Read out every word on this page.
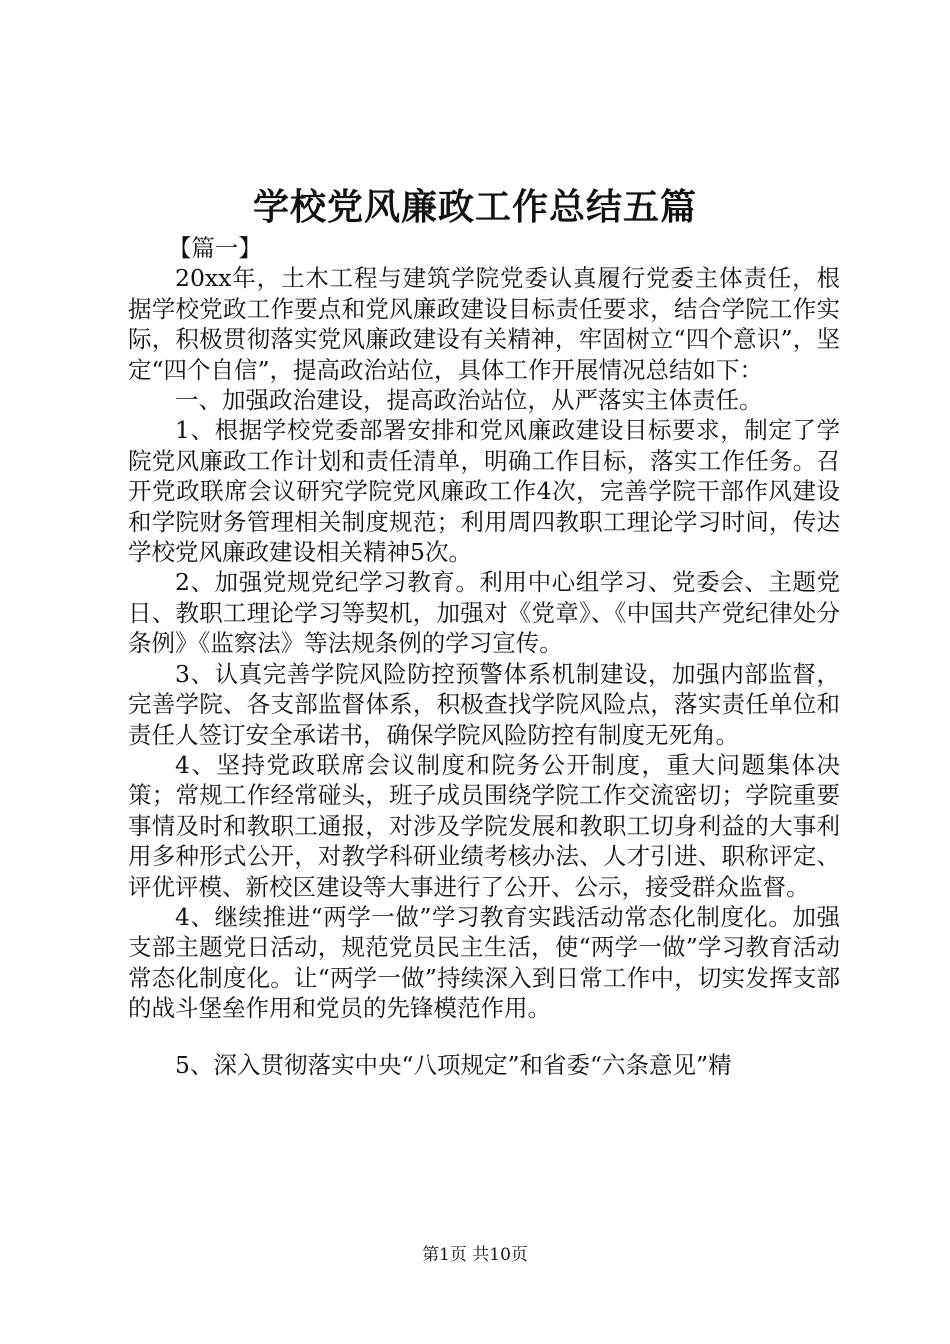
学校党风廉政工作总结五篇

【篇一】

20xx年，土木工程与建筑学院党委认真履行党委主体责任，根据学校党政工作要点和党风廉政建设目标责任要求，结合学院工作实际，积极贯彻落实党风廉政建设有关精神，牢固树立“四个意识”，坚定“四个自信”，提高政治站位，具体工作开展情况总结如下：

一、加强政治建设，提高政治站位，从严落实主体责任。

1、根据学校党委部署安排和党风廉政建设目标要求，制定了学院党风廉政工作计划和责任清单，明确工作目标，落实工作任务。召开党政联席会议研究学院党风廉政工作4次，完善学院干部作风建设和学院财务管理相关制度规范；利用周四教职工理论学习时间，传达学校党风廉政建设相关精神5次。

2、加强党规党纪学习教育。利用中心组学习、党委会、主题党日、教职工理论学习等契机，加强对《党章》、《中国共产党纪律处分条例》《监察法》等法规条例的学习宣传。

3、认真完善学院风险防控预警体系机制建设，加强内部监督，完善学院、各支部监督体系，积极查找学院风险点，落实责任单位和责任人签订安全承诺书，确保学院风险防控有制度无死角。

4、坚持党政联席会议制度和院务公开制度，重大问题集体决策；常规工作经常碰头，班子成员围绕学院工作交流密切；学院重要事情及时和教职工通报，对涉及学院发展和教职工切身利益的大事利用多种形式公开，对教学科研业绩考核办法、人才引进、职称评定、评优评模、新校区建设等大事进行了公开、公示，接受群众监督。

4、继续推进“两学一做”学习教育实践活动常态化制度化。加强支部主题党日活动，规范党员民主生活，使“两学一做”学习教育活动常态化制度化。让“两学一做”持续深入到日常工作中，切实发挥支部的战斗堡垒作用和党员的先锋模范作用。

5、深入贯彻落实中央“八项规定”和省委“六条意见”精

第1页 共10页
